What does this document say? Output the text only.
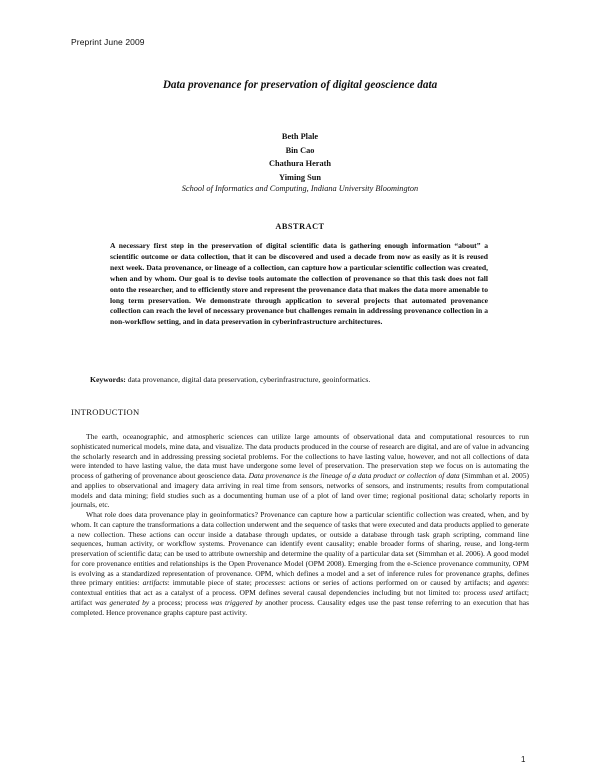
Preprint June 2009
Data provenance for preservation of digital geoscience data
Beth Plale
Bin Cao
Chathura Herath
Yiming Sun
School of Informatics and Computing, Indiana University Bloomington
ABSTRACT
A necessary first step in the preservation of digital scientific data is gathering enough information “about” a scientific outcome or data collection, that it can be discovered and used a decade from now as easily as it is reused next week. Data provenance, or lineage of a collection, can capture how a particular scientific collection was created, when and by whom. Our goal is to devise tools automate the collection of provenance so that this task does not fall onto the researcher, and to efficiently store and represent the provenance data that makes the data more amenable to long term preservation. We demonstrate through application to several projects that automated provenance collection can reach the level of necessary provenance but challenges remain in addressing provenance collection in a non-workflow setting, and in data preservation in cyberinfrastructure architectures.
Keywords: data provenance, digital data preservation, cyberinfrastructure, geoinformatics.
INTRODUCTION

The earth, oceanographic, and atmospheric sciences can utilize large amounts of observational data and computational resources to run sophisticated numerical models, mine data, and visualize. The data products produced in the course of research are digital, and are of value in advancing the scholarly research and in addressing pressing societal problems. For the collections to have lasting value, however, and not all collections of data were intended to have lasting value, the data must have undergone some level of preservation. The preservation step we focus on is automating the process of gathering of provenance about geoscience data. Data provenance is the lineage of a data product or collection of data (Simmhan et al. 2005) and applies to observational and imagery data arriving in real time from sensors, networks of sensors, and instruments; results from computational models and data mining; field studies such as a documenting human use of a plot of land over time; regional positional data; scholarly reports in journals, etc.

What role does data provenance play in geoinformatics? Provenance can capture how a particular scientific collection was created, when, and by whom. It can capture the transformations a data collection underwent and the sequence of tasks that were executed and data products applied to generate a new collection. These actions can occur inside a database through updates, or outside a database through task graph scripting, command line sequences, human activity, or workflow systems. Provenance can identify event causality; enable broader forms of sharing, reuse, and long-term preservation of scientific data; can be used to attribute ownership and determine the quality of a particular data set (Simmhan et al. 2006). A good model for core provenance entities and relationships is the Open Provenance Model (OPM 2008). Emerging from the e-Science provenance community, OPM is evolving as a standardized representation of provenance. OPM, which defines a model and a set of inference rules for provenance graphs, defines three primary entities: artifacts: immutable piece of state; processes: actions or series of actions performed on or caused by artifacts; and agents: contextual entities that act as a catalyst of a process. OPM defines several causal dependencies including but not limited to: process used artifact; artifact was generated by a process; process was triggered by another process. Causality edges use the past tense referring to an execution that has completed. Hence provenance graphs capture past activity.

1
